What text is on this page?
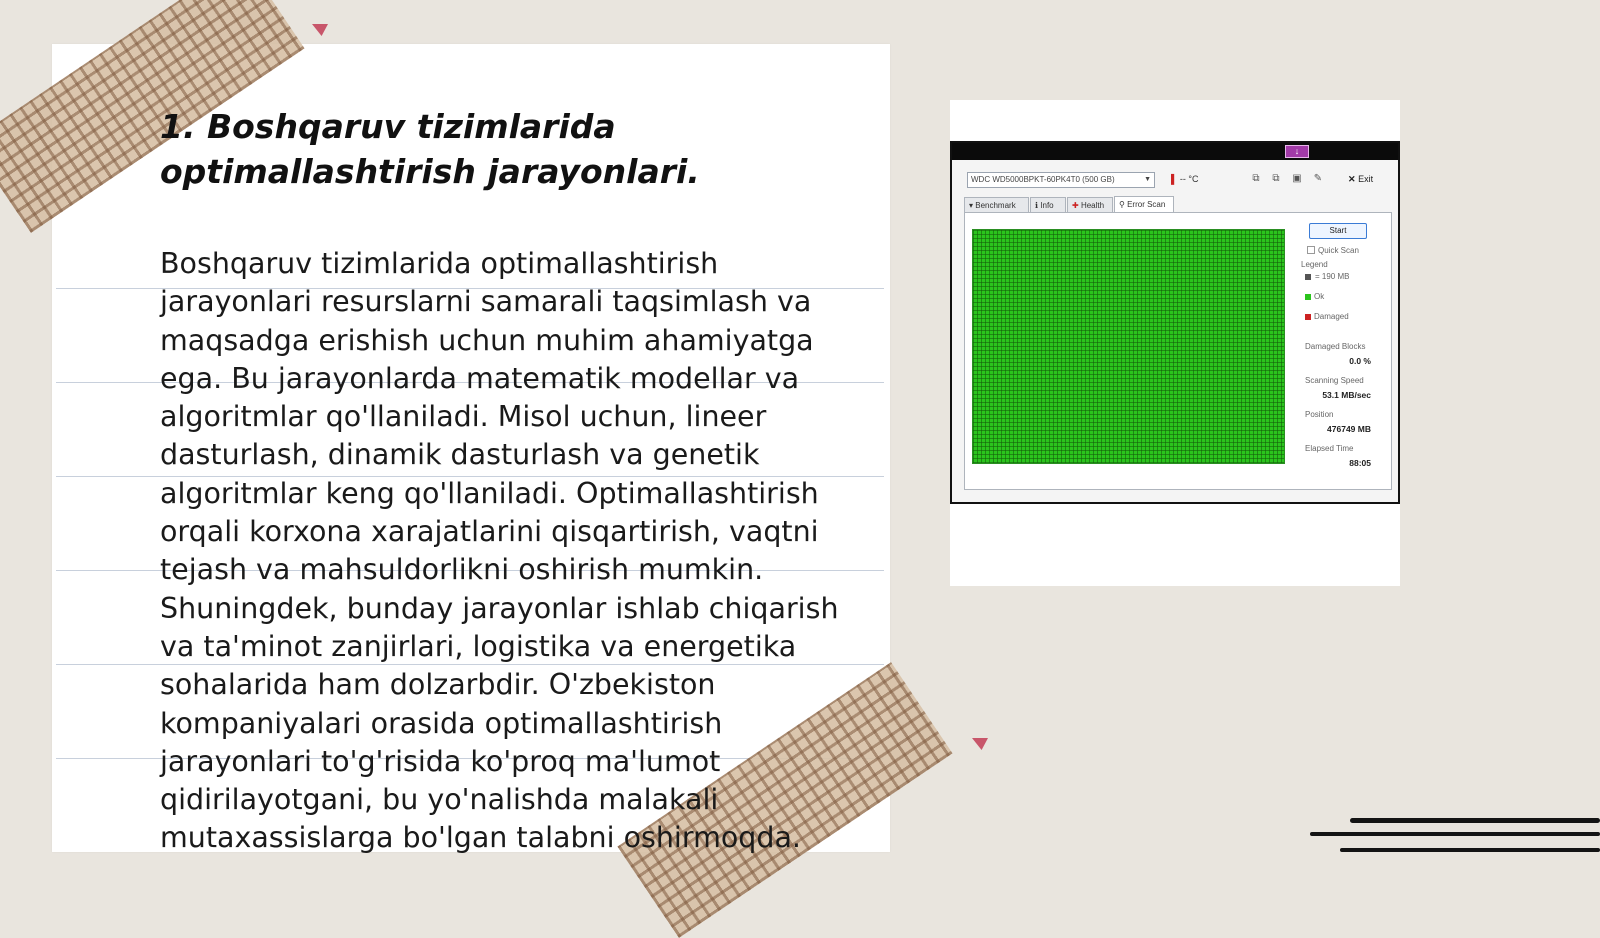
1. Boshqaruv tizimlarida optimallashtirish jarayonlari.

Boshqaruv tizimlarida optimallashtirish jarayonlari resurslarni samarali taqsimlash va maqsadga erishish uchun muhim ahamiyatga ega. Bu jarayonlarda matematik modellar va algoritmlar qo'llaniladi. Misol uchun, lineer dasturlash, dinamik dasturlash va genetik algoritmlar keng qo'llaniladi. Optimallashtirish orqali korxona xarajatlarini qisqartirish, vaqtni tejash va mahsuldorlikni oshirish mumkin. Shuningdek, bunday jarayonlar ishlab chiqarish va ta'minot zanjirlari, logistika va energetika sohalarida ham dolzarbdir. O'zbekiston kompaniyalari orasida optimallashtirish jarayonlari to'g'risida ko'proq ma'lumot qidirilayotgani, bu yo'nalishda malakali mutaxassislarga bo'lgan talabni oshirmoqda.

↓
WDC WD5000BPKT-60PK4T0 (500 GB)	▼ ▌ -- °C	⧉ ⧉ ▣ ✎	✕ Exit
▾ Benchmark	ℹ Info	✚ Health	⚲ Error Scan
Start
Quick Scan
Legend
= 190 MB
Ok
Damaged
Damaged Blocks
0.0 %
Scanning Speed
53.1 MB/sec
Position
476749 MB
Elapsed Time
88:05
